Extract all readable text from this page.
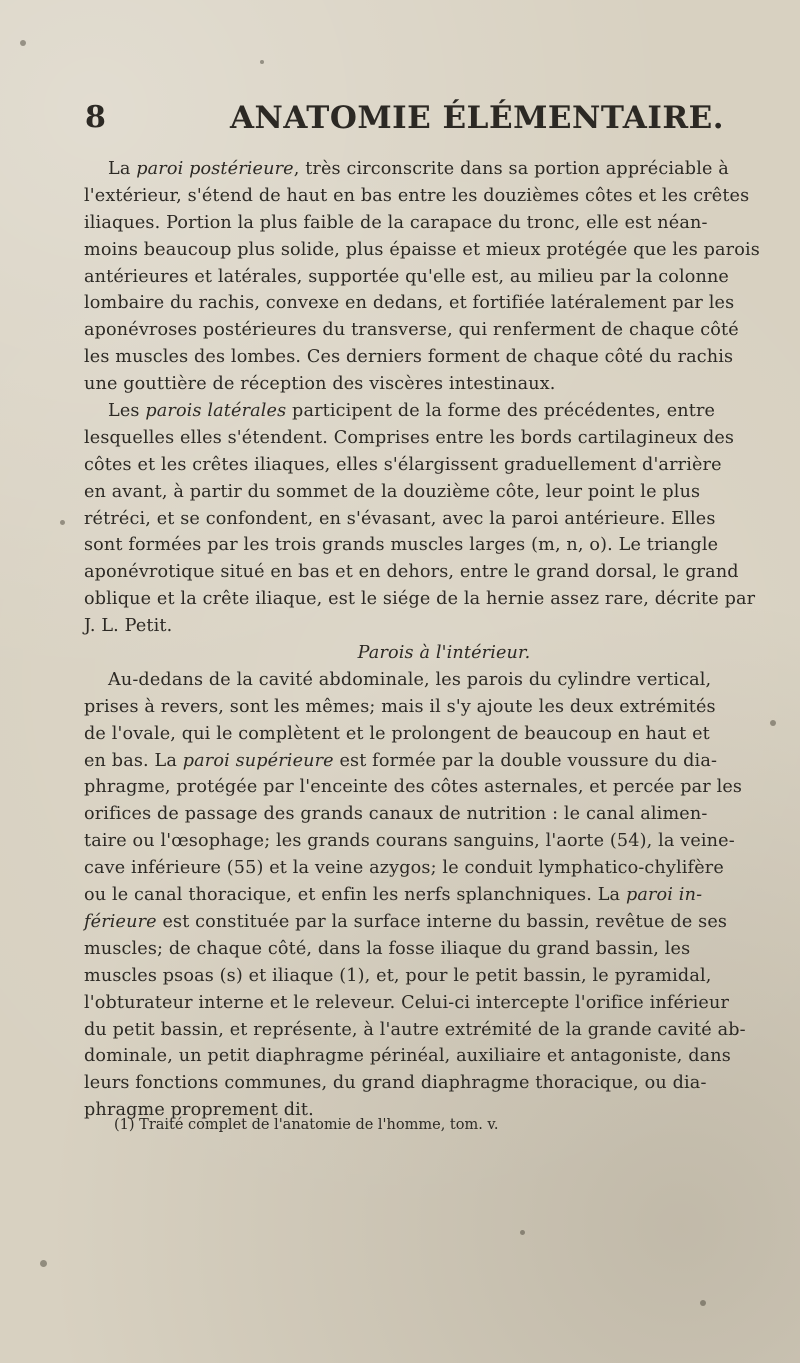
8	ANATOMIE ÉLÉMENTAIRE.
La paroi postérieure, très circonscrite dans sa portion appréciable à
l'extérieur, s'étend de haut en bas entre les douzièmes côtes et les crêtes
iliaques. Portion la plus faible de la carapace du tronc, elle est néan-
moins beaucoup plus solide, plus épaisse et mieux protégée que les parois
antérieures et latérales, supportée qu'elle est, au milieu par la colonne
lombaire du rachis, convexe en dedans, et fortifiée latéralement par les
aponévroses postérieures du transverse, qui renferment de chaque côté
les muscles des lombes. Ces derniers forment de chaque côté du rachis
une gouttière de réception des viscères intestinaux.
Les parois latérales participent de la forme des précédentes, entre
lesquelles elles s'étendent. Comprises entre les bords cartilagineux des
côtes et les crêtes iliaques, elles s'élargissent graduellement d'arrière
en avant, à partir du sommet de la douzième côte, leur point le plus
rétréci, et se confondent, en s'évasant, avec la paroi antérieure. Elles
sont formées par les trois grands muscles larges (m, n, o). Le triangle
aponévrotique situé en bas et en dehors, entre le grand dorsal, le grand
oblique et la crête iliaque, est le siége de la hernie assez rare, décrite par
J. L. Petit.
Parois à l'intérieur.
Au-dedans de la cavité abdominale, les parois du cylindre vertical,
prises à revers, sont les mêmes; mais il s'y ajoute les deux extrémités
de l'ovale, qui le complètent et le prolongent de beaucoup en haut et
en bas. La paroi supérieure est formée par la double voussure du dia-
phragme, protégée par l'enceinte des côtes asternales, et percée par les
orifices de passage des grands canaux de nutrition : le canal alimen-
taire ou l'œsophage; les grands courans sanguins, l'aorte (54), la veine-
cave inférieure (55) et la veine azygos; le conduit lymphatico-chylifère
ou le canal thoracique, et enfin les nerfs splanchniques. La paroi in-
férieure est constituée par la surface interne du bassin, revêtue de ses
muscles; de chaque côté, dans la fosse iliaque du grand bassin, les
muscles psoas (s) et iliaque (1), et, pour le petit bassin, le pyramidal,
l'obturateur interne et le releveur. Celui-ci intercepte l'orifice inférieur
du petit bassin, et représente, à l'autre extrémité de la grande cavité ab-
dominale, un petit diaphragme périnéal, auxiliaire et antagoniste, dans
leurs fonctions communes, du grand diaphragme thoracique, ou dia-
phragme proprement dit.
(1) Traité complet de l'anatomie de l'homme, tom. v.
